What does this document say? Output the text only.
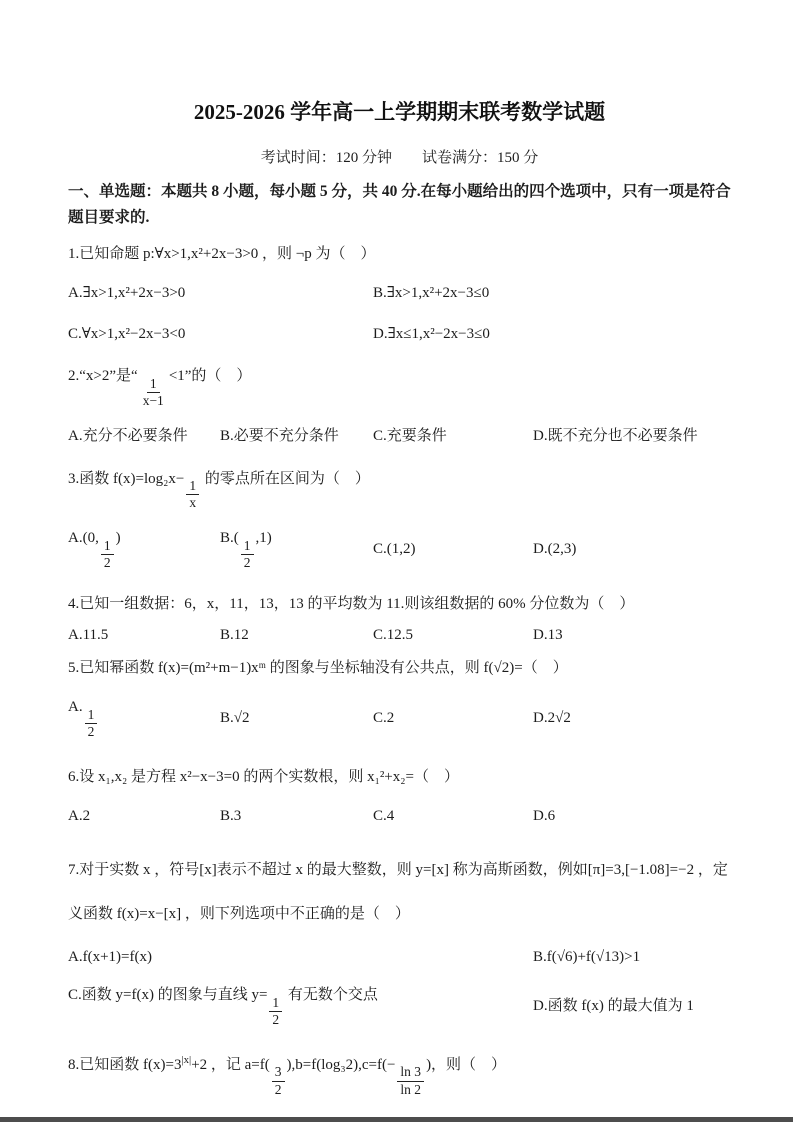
2025-2026 学年高一上学期期末联考数学试题

考试时间：120 分钟　　试卷满分：150 分

一、单选题：本题共 8 小题，每小题 5 分，共 40 分.在每小题给出的四个选项中，只有一项是符合题目要求的.

1.已知命题 p:∀x>1,x²+2x−3>0 ，则 ¬p 为（　）

A.∃x>1,x²+2x−3>0	B.∃x>1,x²+2x−3≤0
C.∀x>1,x²−2x−3<0	D.∃x≤1,x²−2x−3≤0

2.“x>2”是“ $\frac{1}{x-1} <1$”的（　）

A.充分不必要条件	B.必要不充分条件	C.充要条件	D.既不充分也不必要条件

3.函数 $f(x)=\log_2x- \frac{1}{x}$ 的零点所在区间为（　）

A.(0, $\frac{1}{2}$ )	$B.( \frac{1}{2} ,1)$
C.(1,2)	D.(2,3)

4.已知一组数据：6，x，11，13，13 的平均数为 11.则该组数据的 60% 分位数为（　）

A.11.5	B.12	C.12.5	D.13

5.已知幂函数 f(x)=(m²+m−1)xᵐ 的图象与坐标轴没有公共点，则 f(√2)=（　）

A. $\frac{1}{2}$	B.√2	C.2	D.2√2

6.设 x₁,x₂ 是方程 x²−x−3=0 的两个实数根，则 x₁²+x₂=（　）

A.2	B.3	C.4	D.6

7.对于实数 x ，符号[x]表示不超过 x 的最大整数，则 y=[x] 称为高斯函数，例如[π]=3,[−1.08]=−2 ，定义函数 f(x)=x−[x] ，则下列选项中不正确的是（　）

A.f(x+1)=f(x)	B.f(√6)+f(√13)>1
C.函数 y=f(x) 的图象与直线 $y= \frac{1}{2}$ 有无数个交点
D.函数 f(x) 的最大值为 1

8.已知函数 $f(x)=3^{|x|}+2$ ，记 $a=f( \frac{3}{2} ),b=f(\log_32),c=f(- \frac{\ln 3}{\ln 2}$ )，则（　）
